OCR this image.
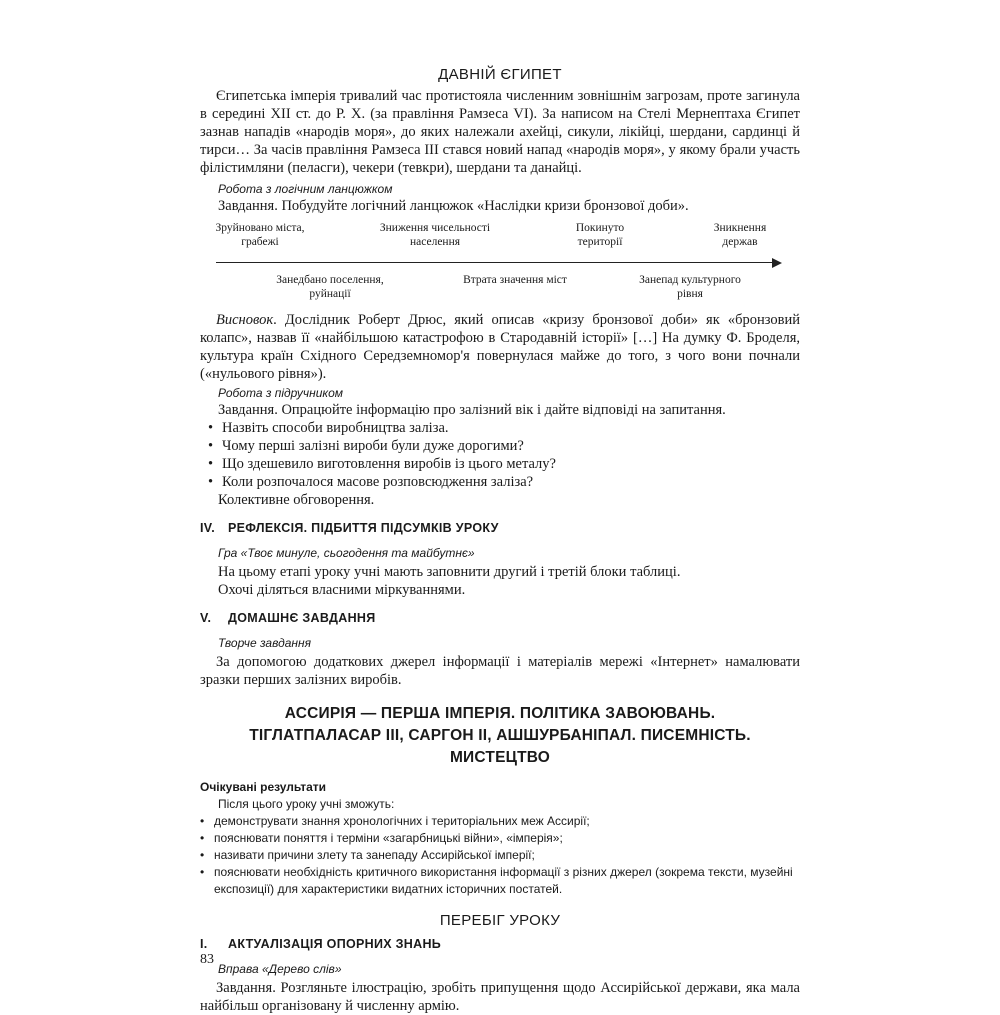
ДАВНІЙ ЄГИПЕТ

Єгипетська імперія тривалий час протистояла численним зовнішнім загрозам, проте загинула в середині XII ст. до Р. Х. (за правління Рамзеса VI). За написом на Стелі Мернептаха Єгипет зазнав нападів «народів моря», до яких належали ахейці, сикули, лікійці, шердани, сардинці й тирси… За часів правління Рамзеса III стався новий напад «народів моря», у якому брали участь філістимляни (пеласги), чекери (тевкри), шердани та данайці.

Робота з логічним ланцюжком

Завдання. Побудуйте логічний ланцюжок «Наслідки кризи бронзової доби».

Зруйновано міста,
грабежі
Зниження чисельності
населення
Покинуто
території
Зникнення
держав
Занедбано поселення,
руйнації
Втрата значення міст	Занепад культурного
рівня

Висновок. Дослідник Роберт Дрюс, який описав «кризу бронзової доби» як «бронзовий колапс», назвав її «найбільшою катастрофою в Стародавній історії» […] На думку Ф. Броделя, культура країн Східного Середземномор'я повернулася майже до того, з чого вони почнали («нульового рівня»).

Робота з підручником

Завдання. Опрацюйте інформацію про залізний вік і дайте відповіді на запитання.

• Назвіть способи виробництва заліза.
• Чому перші залізні вироби були дуже дорогими?
• Що здешевило виготовлення виробів із цього металу?
• Коли розпочалося масове розповсюдження заліза?

Колективне обговорення.

IV. РЕФЛЕКСІЯ. ПІДБИТТЯ ПІДСУМКІВ УРОКУ
Гра «Твоє минуле, сьогодення та майбутнє»

На цьому етапі уроку учні мають заповнити другий і третій блоки таблиці.

Охочі діляться власними міркуваннями.

V. ДОМАШНЄ ЗАВДАННЯ
Творче завдання

За допомогою додаткових джерел інформації і матеріалів мережі «Інтернет» намалювати зразки перших залізних виробів.

АССИРІЯ — ПЕРША ІМПЕРІЯ. ПОЛІТИКА ЗАВОЮВАНЬ.
ТІГЛАТПАЛАСАР III, САРГОН II, АШШУРБАНІПАЛ. ПИСЕМНІСТЬ. МИСТЕЦТВО
Очікувані результати
Після цього уроку учні зможуть:
• демонструвати знання хронологічних і територіальних меж Ассирії;
• пояснювати поняття і терміни «загарбницькі війни», «імперія»;
• називати причини злету та занепаду Ассирійської імперії;
• пояснювати необхідність критичного використання інформації з різних джерел (зокрема тексти, музейні експозиції) для характеристики видатних історичних постатей.
ПЕРЕБІГ УРОКУ
I. АКТУАЛІЗАЦІЯ ОПОРНИХ ЗНАНЬ
Вправа «Дерево слів»

Завдання. Розгляньте ілюстрацію, зробіть припущення щодо Ассирійської держави, яка мала найбільш організовану й численну армію.

83
